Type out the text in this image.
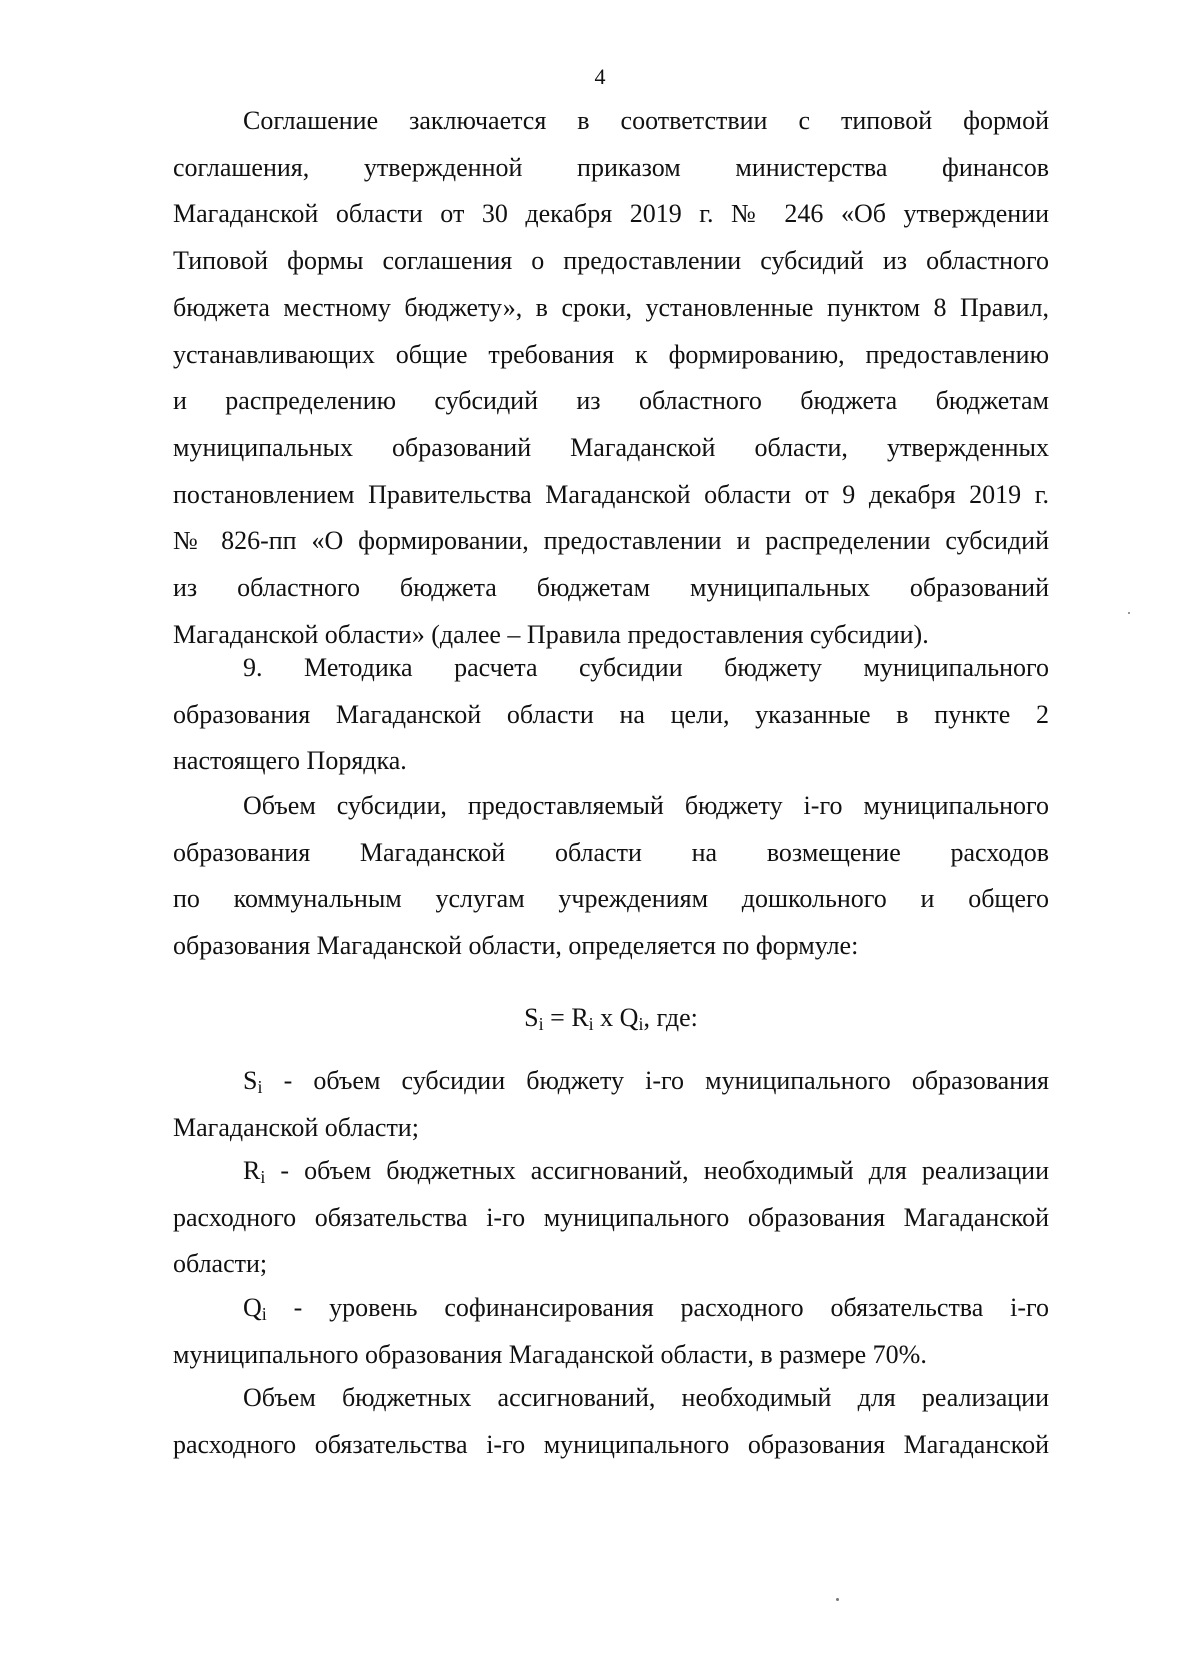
4
Соглашение заключается в соответствии с типовой формой
соглашения, утвержденной приказом министерства финансов
Магаданской области от 30 декабря 2019 г. № 246 «Об утверждении
Типовой формы соглашения о предоставлении субсидий из областного
бюджета местному бюджету», в сроки, установленные пунктом 8 Правил,
устанавливающих общие требования к формированию, предоставлению
и распределению субсидий из областного бюджета бюджетам
муниципальных образований Магаданской области, утвержденных
постановлением Правительства Магаданской области от 9 декабря 2019 г.
№ 826-пп «О формировании, предоставлении и распределении субсидий
из областного бюджета бюджетам муниципальных образований
Магаданской области» (далее – Правила предоставления субсидии).
9. Методика расчета субсидии бюджету муниципального
образования Магаданской области на цели, указанные в пункте 2
настоящего Порядка.
Объем субсидии, предоставляемый бюджету i-го муниципального
образования Магаданской области на возмещение расходов
по коммунальным услугам учреждениям дошкольного и общего
образования Магаданской области, определяется по формуле:

$S_i = R_i$ x $Q_i$, где:

$S_i$ - объем субсидии бюджету i-го муниципального образования
Магаданской области;
$R_i$ - объем бюджетных ассигнований, необходимый для реализации
расходного обязательства i-го муниципального образования Магаданской
области;
$Q_i$ - уровень софинансирования расходного обязательства i-го
муниципального образования Магаданской области, в размере 70%.
Объем бюджетных ассигнований, необходимый для реализации
расходного обязательства i-го муниципального образования Магаданской
